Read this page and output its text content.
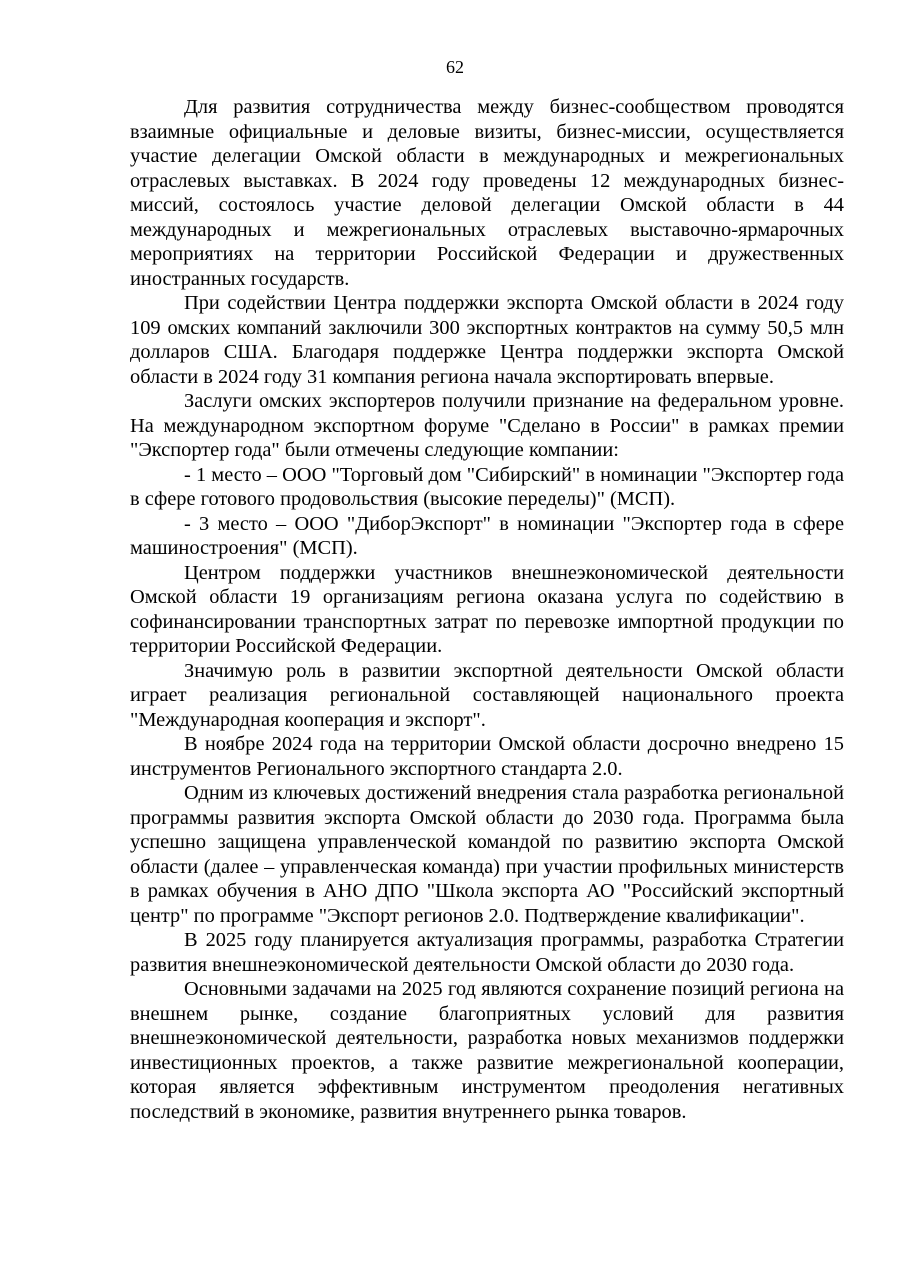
62

Для развития сотрудничества между бизнес-сообществом проводятся взаимные официальные и деловые визиты, бизнес-миссии, осуществляется участие делегации Омской области в международных и межрегиональных отраслевых выставках. В 2024 году проведены 12 международных бизнес-миссий, состоялось участие деловой делегации Омской области в 44 международных и межрегиональных отраслевых выставочно-ярмарочных мероприятиях на территории Российской Федерации и дружественных иностранных государств.

При содействии Центра поддержки экспорта Омской области в 2024 году 109 омских компаний заключили 300 экспортных контрактов на сумму 50,5 млн долларов США. Благодаря поддержке Центра поддержки экспорта Омской области в 2024 году 31 компания региона начала экспортировать впервые.

Заслуги омских экспортеров получили признание на федеральном уровне. На международном экспортном форуме "Сделано в России" в рамках премии "Экспортер года" были отмечены следующие компании:

- 1 место – ООО "Торговый дом "Сибирский" в номинации "Экспортер года в сфере готового продовольствия (высокие переделы)" (МСП).

- 3 место – ООО "ДиборЭкспорт" в номинации "Экспортер года в сфере машиностроения" (МСП).

Центром поддержки участников внешнеэкономической деятельности Омской области 19 организациям региона оказана услуга по содействию в софинансировании транспортных затрат по перевозке импортной продукции по территории Российской Федерации.

Значимую роль в развитии экспортной деятельности Омской области играет реализация региональной составляющей национального проекта "Международная кооперация и экспорт".

В ноябре 2024 года на территории Омской области досрочно внедрено 15 инструментов Регионального экспортного стандарта 2.0.

Одним из ключевых достижений внедрения стала разработка региональной программы развития экспорта Омской области до 2030 года. Программа была успешно защищена управленческой командой по развитию экспорта Омской области (далее – управленческая команда) при участии профильных министерств в рамках обучения в АНО ДПО "Школа экспорта АО "Российский экспортный центр" по программе "Экспорт регионов 2.0. Подтверждение квалификации".

В 2025 году планируется актуализация программы, разработка Стратегии развития внешнеэкономической деятельности Омской области до 2030 года.

Основными задачами на 2025 год являются сохранение позиций региона на внешнем рынке, создание благоприятных условий для развития внешнеэкономической деятельности, разработка новых механизмов поддержки инвестиционных проектов, а также развитие межрегиональной кооперации, которая является эффективным инструментом преодоления негативных последствий в экономике, развития внутреннего рынка товаров.
